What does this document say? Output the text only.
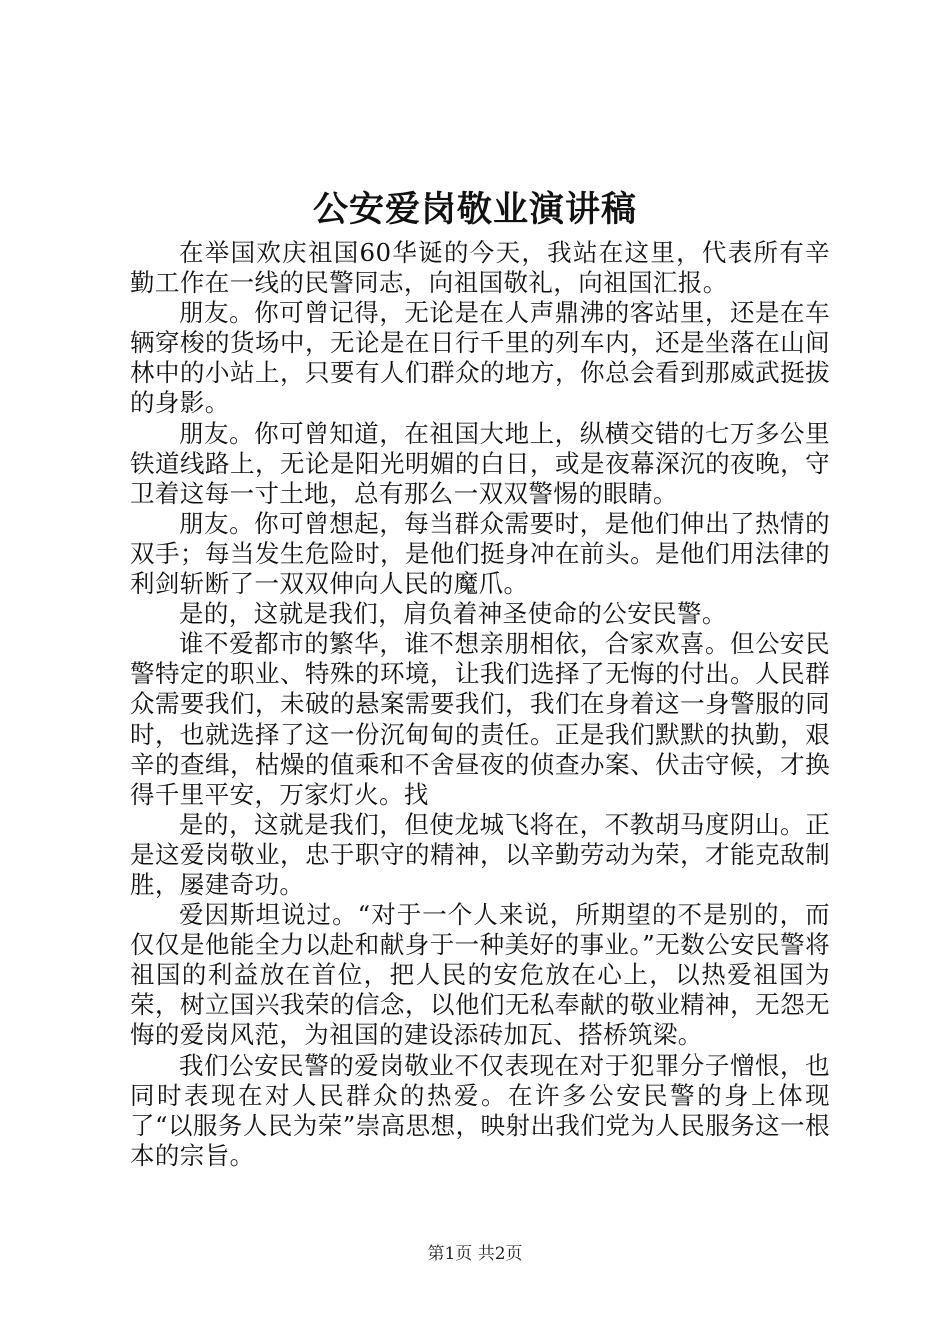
公安爱岗敬业演讲稿

在举国欢庆祖国60华诞的今天，我站在这里，代表所有辛勤工作在一线的民警同志，向祖国敬礼，向祖国汇报。

朋友。你可曾记得，无论是在人声鼎沸的客站里，还是在车辆穿梭的货场中，无论是在日行千里的列车内，还是坐落在山间林中的小站上，只要有人们群众的地方，你总会看到那威武挺拔的身影。

朋友。你可曾知道，在祖国大地上，纵横交错的七万多公里铁道线路上，无论是阳光明媚的白日，或是夜幕深沉的夜晚，守卫着这每一寸土地，总有那么一双双警惕的眼睛。

朋友。你可曾想起，每当群众需要时，是他们伸出了热情的双手；每当发生危险时，是他们挺身冲在前头。是他们用法律的利剑斩断了一双双伸向人民的魔爪。

是的，这就是我们，肩负着神圣使命的公安民警。

谁不爱都市的繁华，谁不想亲朋相依，合家欢喜。但公安民警特定的职业、特殊的环境，让我们选择了无悔的付出。人民群众需要我们，未破的悬案需要我们，我们在身着这一身警服的同时，也就选择了这一份沉甸甸的责任。正是我们默默的执勤，艰辛的查缉，枯燥的值乘和不舍昼夜的侦查办案、伏击守候，才换得千里平安，万家灯火。找

是的，这就是我们，但使龙城飞将在，不教胡马度阴山。正是这爱岗敬业，忠于职守的精神，以辛勤劳动为荣，才能克敌制胜，屡建奇功。

爱因斯坦说过。“对于一个人来说，所期望的不是别的，而仅仅是他能全力以赴和献身于一种美好的事业。”无数公安民警将祖国的利益放在首位，把人民的安危放在心上，以热爱祖国为荣，树立国兴我荣的信念，以他们无私奉献的敬业精神，无怨无悔的爱岗风范，为祖国的建设添砖加瓦、搭桥筑梁。

我们公安民警的爱岗敬业不仅表现在对于犯罪分子憎恨，也同时表现在对人民群众的热爱。在许多公安民警的身上体现了“以服务人民为荣”崇高思想，映射出我们党为人民服务这一根本的宗旨。

第1页 共2页
